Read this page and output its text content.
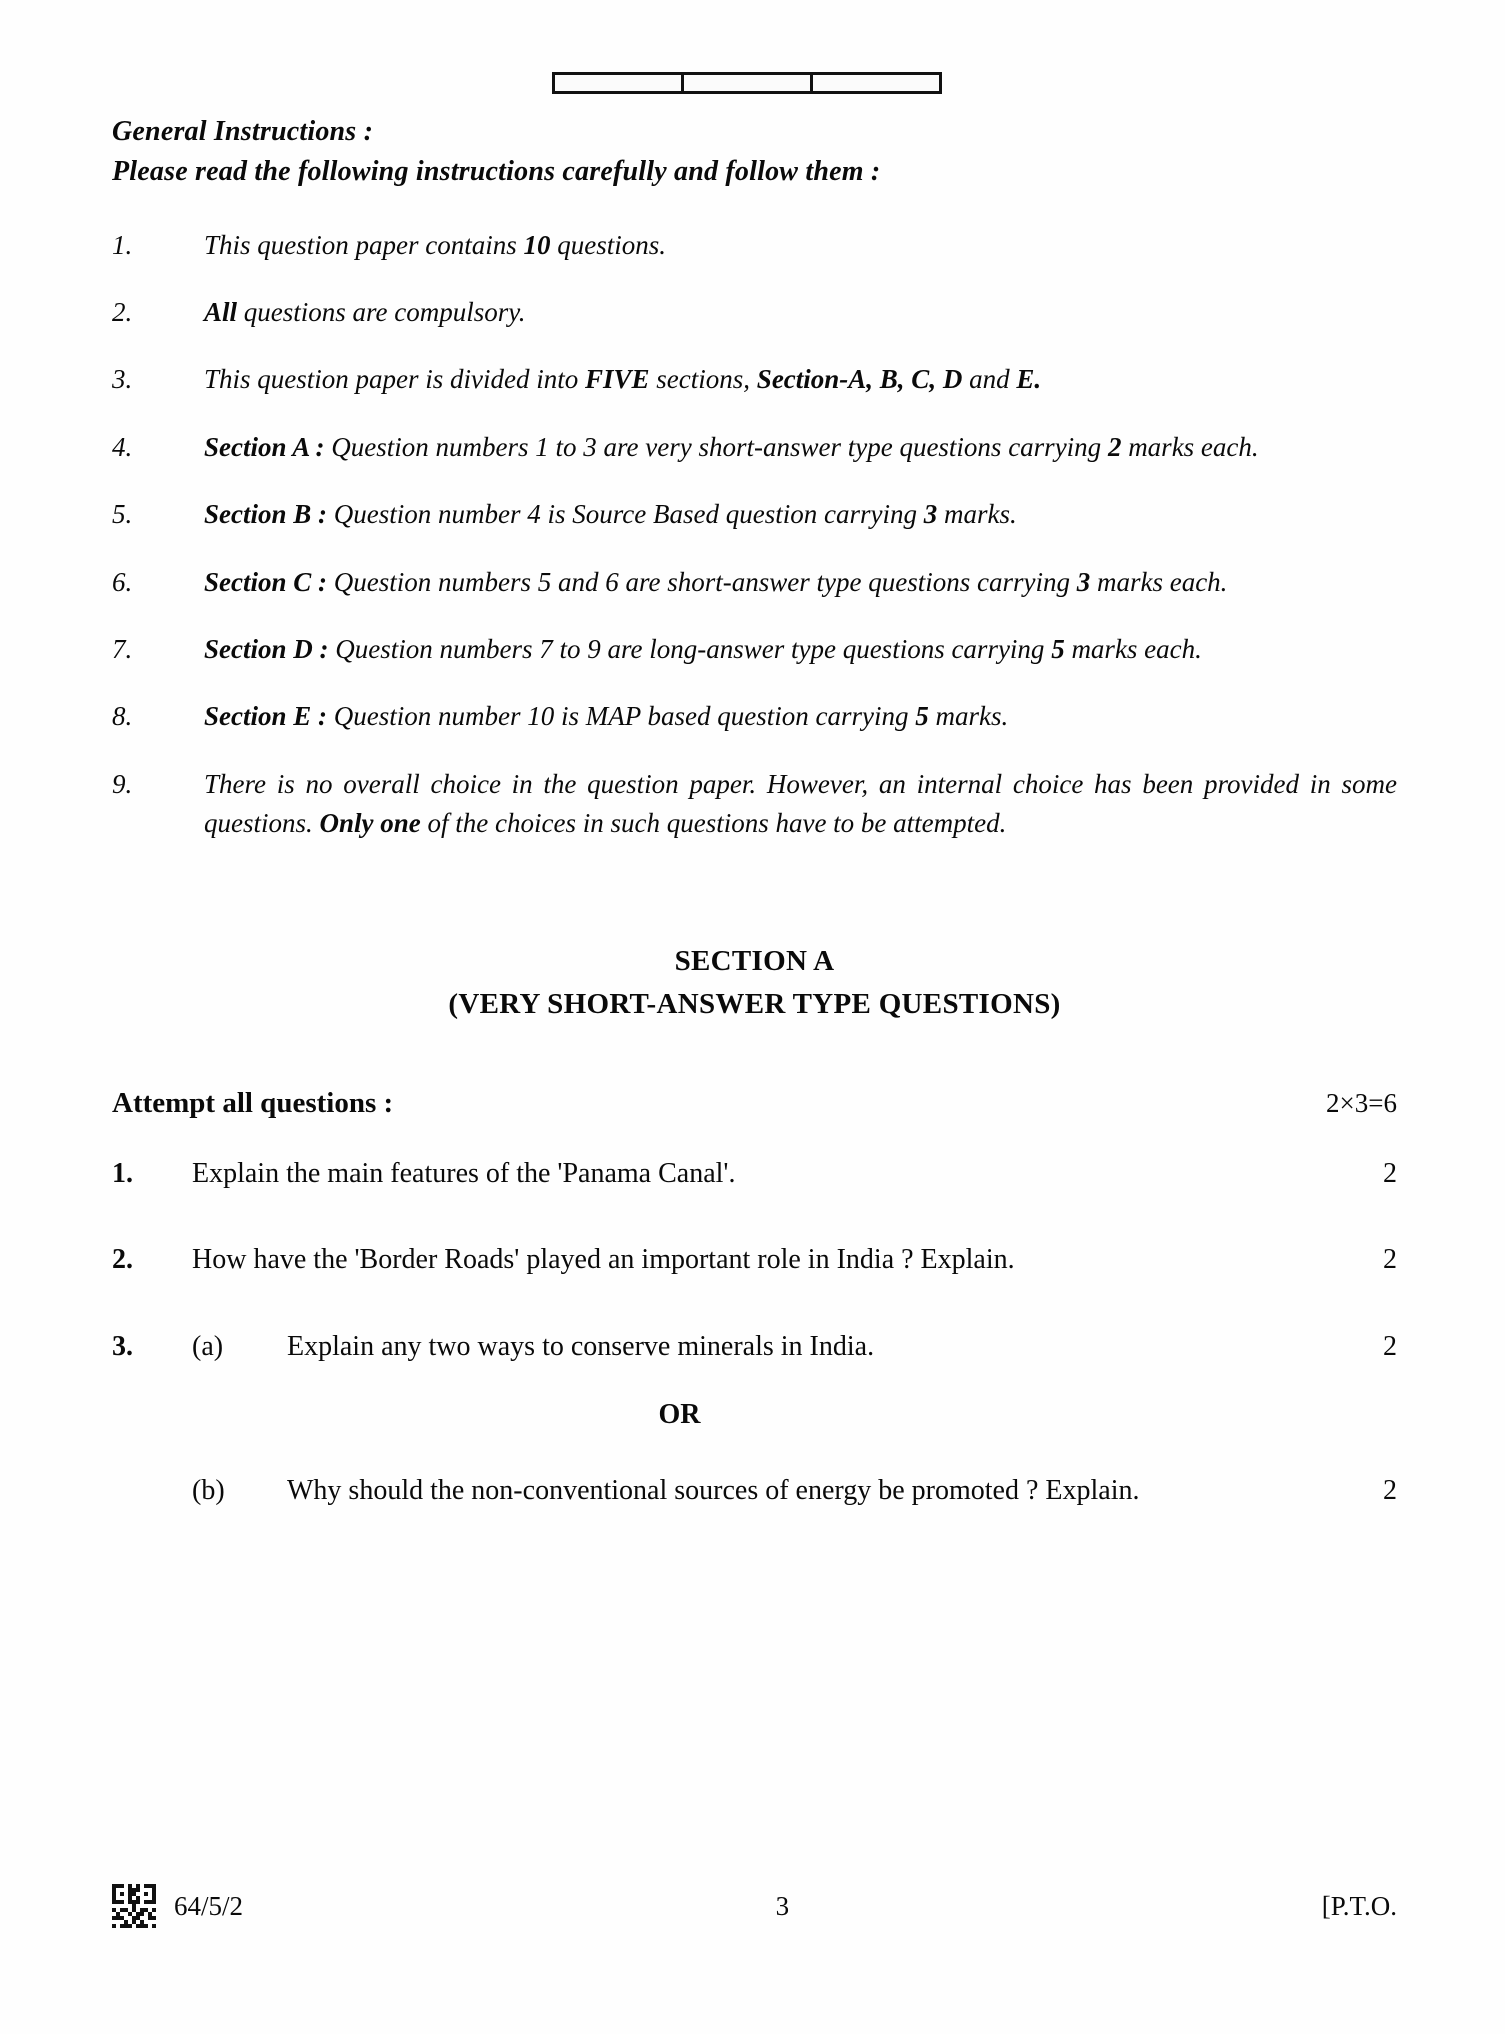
General Instructions :
Please read the following instructions carefully and follow them :
1.	This question paper contains 10 questions.
2.	All questions are compulsory.
3.	This question paper is divided into FIVE sections, Section-A, B, C, D and E.
4.	Section A : Question numbers 1 to 3 are very short-answer type questions carrying 2 marks each.
5.	Section B : Question number 4 is Source Based question carrying 3 marks.
6.	Section C : Question numbers 5 and 6 are short-answer type questions carrying 3 marks each.
7.	Section D : Question numbers 7 to 9 are long-answer type questions carrying 5 marks each.
8.	Section E : Question number 10 is MAP based question carrying 5 marks.
9.	There is no overall choice in the question paper. However, an internal choice has been provided in some questions. Only one of the choices in such questions have to be attempted.
SECTION A
(VERY SHORT-ANSWER TYPE QUESTIONS)
Attempt all questions :	2×3=6
1.	Explain the main features of the 'Panama Canal'.	2
2.	How have the 'Border Roads' played an important role in India ? Explain.	2
3.	(a)	Explain any two ways to conserve minerals in India.	2
OR
(b)	Why should the non-conventional sources of energy be promoted ? Explain.	2
64/5/2	3	[P.T.O.
